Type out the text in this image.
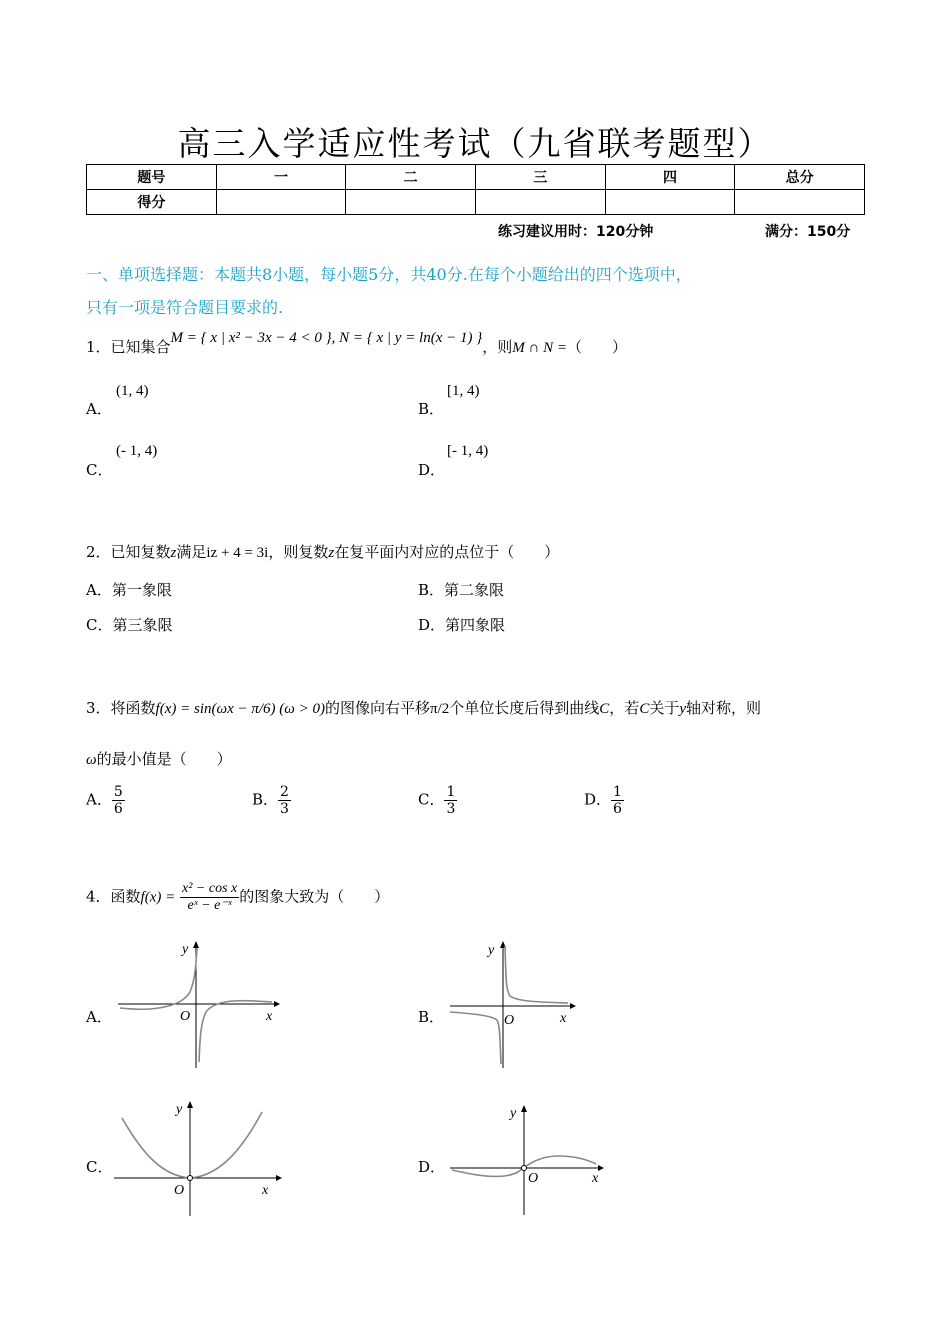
高三入学适应性考试（九省联考题型）
题号	一	二	三	四	总分
得分					
练习建议用时：120分钟	满分：150分
一、单项选择题：本题共8小题，每小题5分，共40分.在每个小题给出的四个选项中，
只有一项是符合题目要求的.
1．已知集合M = { x | x² − 3x − 4 < 0 }, N = { x | y = ln(x − 1) }，则M ∩ N =（　　）
A．
(1, 4)
B．
[1, 4)
C．
(- 1, 4)
D．
[- 1, 4)
2．已知复数z满足iz + 4 = 3i，则复数z在复平面内对应的点位于（　　）
A．第一象限	B．第二象限
C．第三象限	D．第四象限
3．将函数f(x) = sin(ωx − π/6) (ω > 0)的图像向右平移π/2个单位长度后得到曲线C，若C关于y轴对称，则
ω的最小值是（　　）
A． $\frac{5}{6}$	B． $\frac{2}{3}$	C． $\frac{1}{3}$	D． $\frac{1}{6}$
4．函数$f(x) = \frac{\text{x² − cos x}}{\text{eˣ − e⁻ˣ}}$ 的图象大致为（　　）
A．	B．
C．	D．
y
O	x
y
O	x
y
O	x
y
O	x
